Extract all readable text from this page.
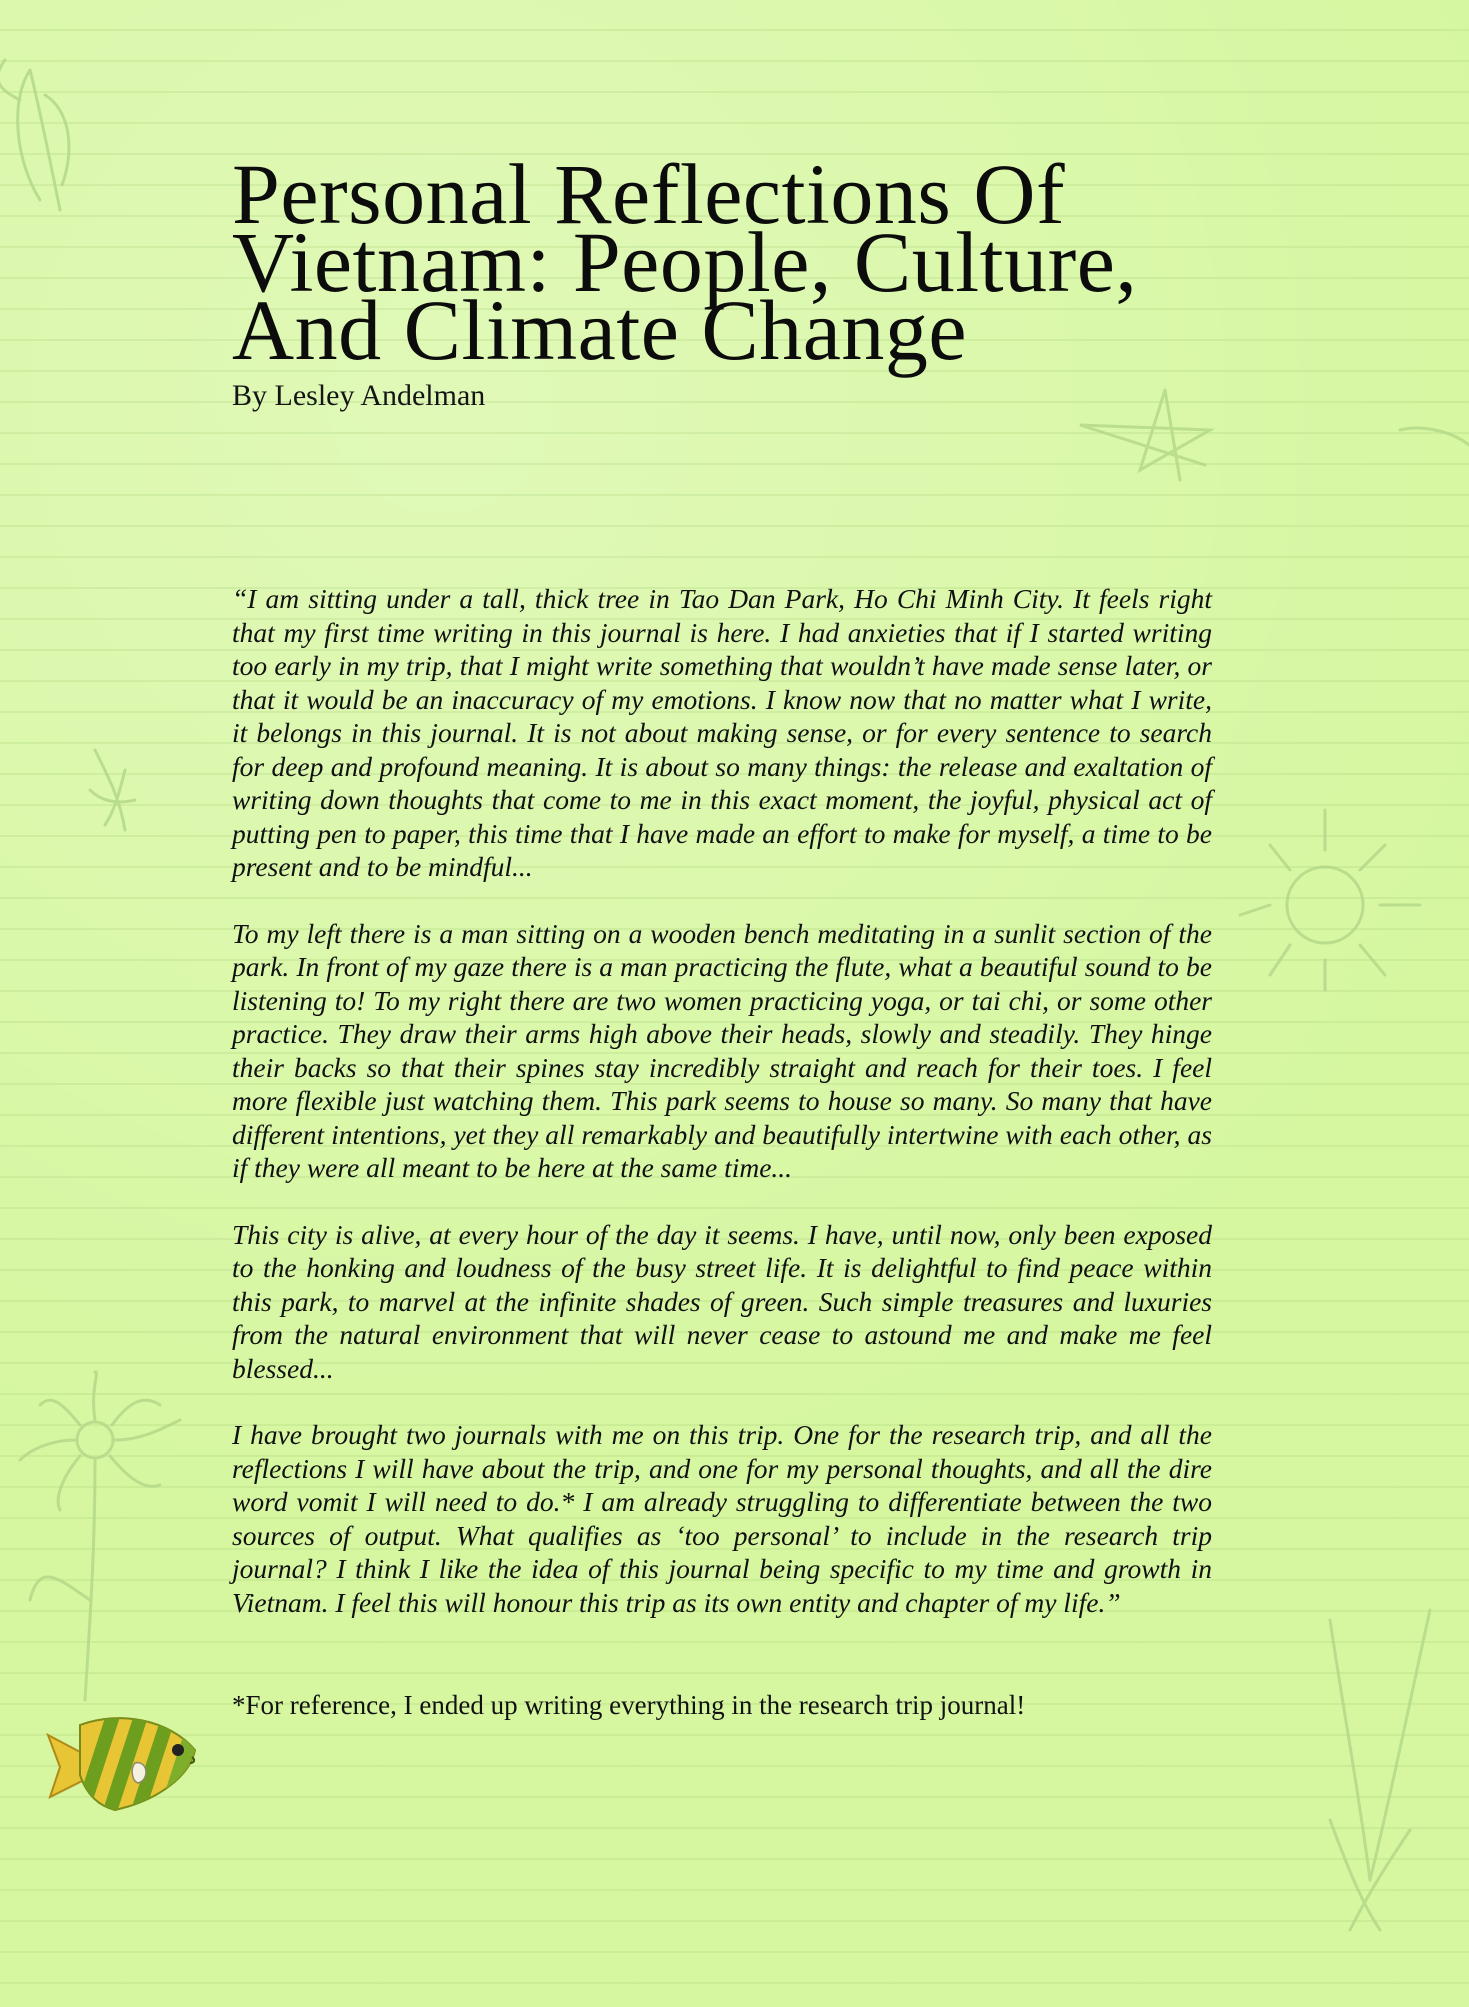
Personal Reflections Of Vietnam: People, Culture, And Climate Change
By Lesley Andelman

“I am sitting under a tall, thick tree in Tao Dan Park, Ho Chi Minh City. It feels right that my first time writing in this journal is here. I had anxieties that if I started writing too early in my trip, that I might write something that wouldn’t have made sense later, or that it would be an inaccuracy of my emotions. I know now that no matter what I write, it belongs in this journal. It is not about making sense, or for every sentence to search for deep and profound meaning. It is about so many things: the release and exaltation of writing down thoughts that come to me in this exact moment, the joyful, physical act of putting pen to paper, this time that I have made an effort to make for myself, a time to be present and to be mindful...

To my left there is a man sitting on a wooden bench meditating in a sunlit section of the park. In front of my gaze there is a man practicing the flute, what a beautiful sound to be listening to! To my right there are two women practicing yoga, or tai chi, or some other practice. They draw their arms high above their heads, slowly and steadily. They hinge their backs so that their spines stay incredibly straight and reach for their toes. I feel more flexible just watching them. This park seems to house so many. So many that have different intentions, yet they all remarkably and beautifully intertwine with each other, as if they were all meant to be here at the same time...

This city is alive, at every hour of the day it seems. I have, until now, only been exposed to the honking and loudness of the busy street life. It is delightful to find peace within this park, to marvel at the infinite shades of green. Such simple treasures and luxuries from the natural environment that will never cease to astound me and make me feel blessed...

I have brought two journals with me on this trip. One for the research trip, and all the reflections I will have about the trip, and one for my personal thoughts, and all the dire word vomit I will need to do.* I am already struggling to differentiate between the two sources of output. What qualifies as ‘too personal’ to include in the research trip journal? I think I like the idea of this journal being specific to my time and growth in Vietnam. I feel this will honour this trip as its own entity and chapter of my life.”

*For reference, I ended up writing everything in the research trip journal!
